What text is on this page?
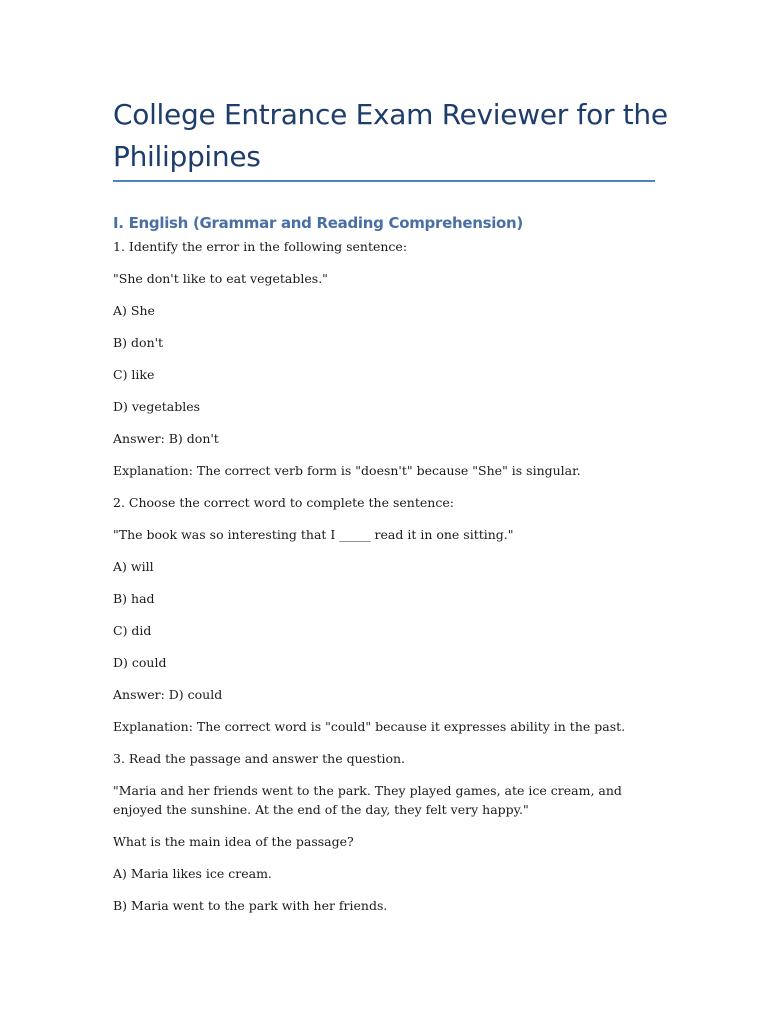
College Entrance Exam Reviewer for the Philippines
I. English (Grammar and Reading Comprehension)

1. Identify the error in the following sentence:

"She don't like to eat vegetables."

A) She

B) don't

C) like

D) vegetables

Answer: B) don't

Explanation: The correct verb form is "doesn't" because "She" is singular.

2. Choose the correct word to complete the sentence:

"The book was so interesting that I _____ read it in one sitting."

A) will

B) had

C) did

D) could

Answer: D) could

Explanation: The correct word is "could" because it expresses ability in the past.

3. Read the passage and answer the question.

"Maria and her friends went to the park. They played games, ate ice cream, and enjoyed the sunshine. At the end of the day, they felt very happy."

What is the main idea of the passage?

A) Maria likes ice cream.

B) Maria went to the park with her friends.
